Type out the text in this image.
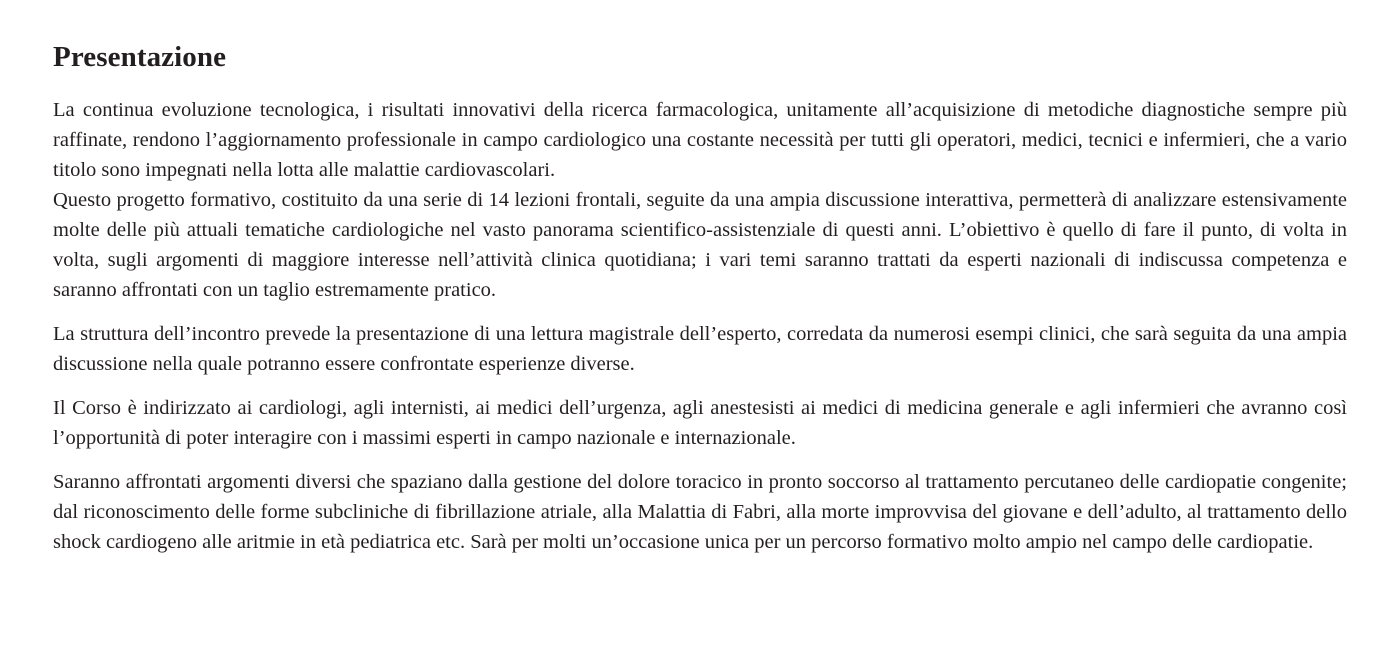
Presentazione

La continua evoluzione tecnologica, i risultati innovativi della ricerca farmacologica, unitamente all’acquisizione di metodiche diagnostiche sempre più raffinate, rendono l’aggiornamento professionale in campo cardiologico una costante necessità per tutti gli operatori, medici, tecnici e infermieri, che a vario titolo sono impegnati nella lotta alle malattie cardiovascolari.

Questo progetto formativo, costituito da una serie di 14 lezioni frontali, seguite da una ampia discussione interattiva, permetterà di analizzare estensivamente molte delle più attuali tematiche cardiologiche nel vasto panorama scientifico-assistenziale di questi anni. L’obiettivo è quello di fare il punto, di volta in volta, sugli argomenti di maggiore interesse nell’attività clinica quotidiana; i vari temi saranno trattati da esperti nazionali di indiscussa competenza e saranno affrontati con un taglio estremamente pratico.

La struttura dell’incontro prevede la presentazione di una lettura magistrale dell’esperto, corredata da numerosi esempi clinici, che sarà seguita da una ampia discussione nella quale potranno essere confrontate esperienze diverse.

Il Corso è indirizzato ai cardiologi, agli internisti, ai medici dell’urgenza, agli anestesisti ai medici di medicina generale e agli infermieri che avranno così l’opportunità di poter interagire con i massimi esperti in campo nazionale e internazionale.

Saranno affrontati argomenti diversi che spaziano dalla gestione del dolore toracico in pronto soccorso al trattamento percutaneo delle cardiopatie congenite; dal riconoscimento delle forme subcliniche di fibrillazione atriale, alla Malattia di Fabri, alla morte improvvisa del giovane e dell’adulto, al trattamento dello shock cardiogeno alle aritmie in età pediatrica etc. Sarà per molti un’occasione unica per un percorso formativo molto ampio nel campo delle cardiopatie.
